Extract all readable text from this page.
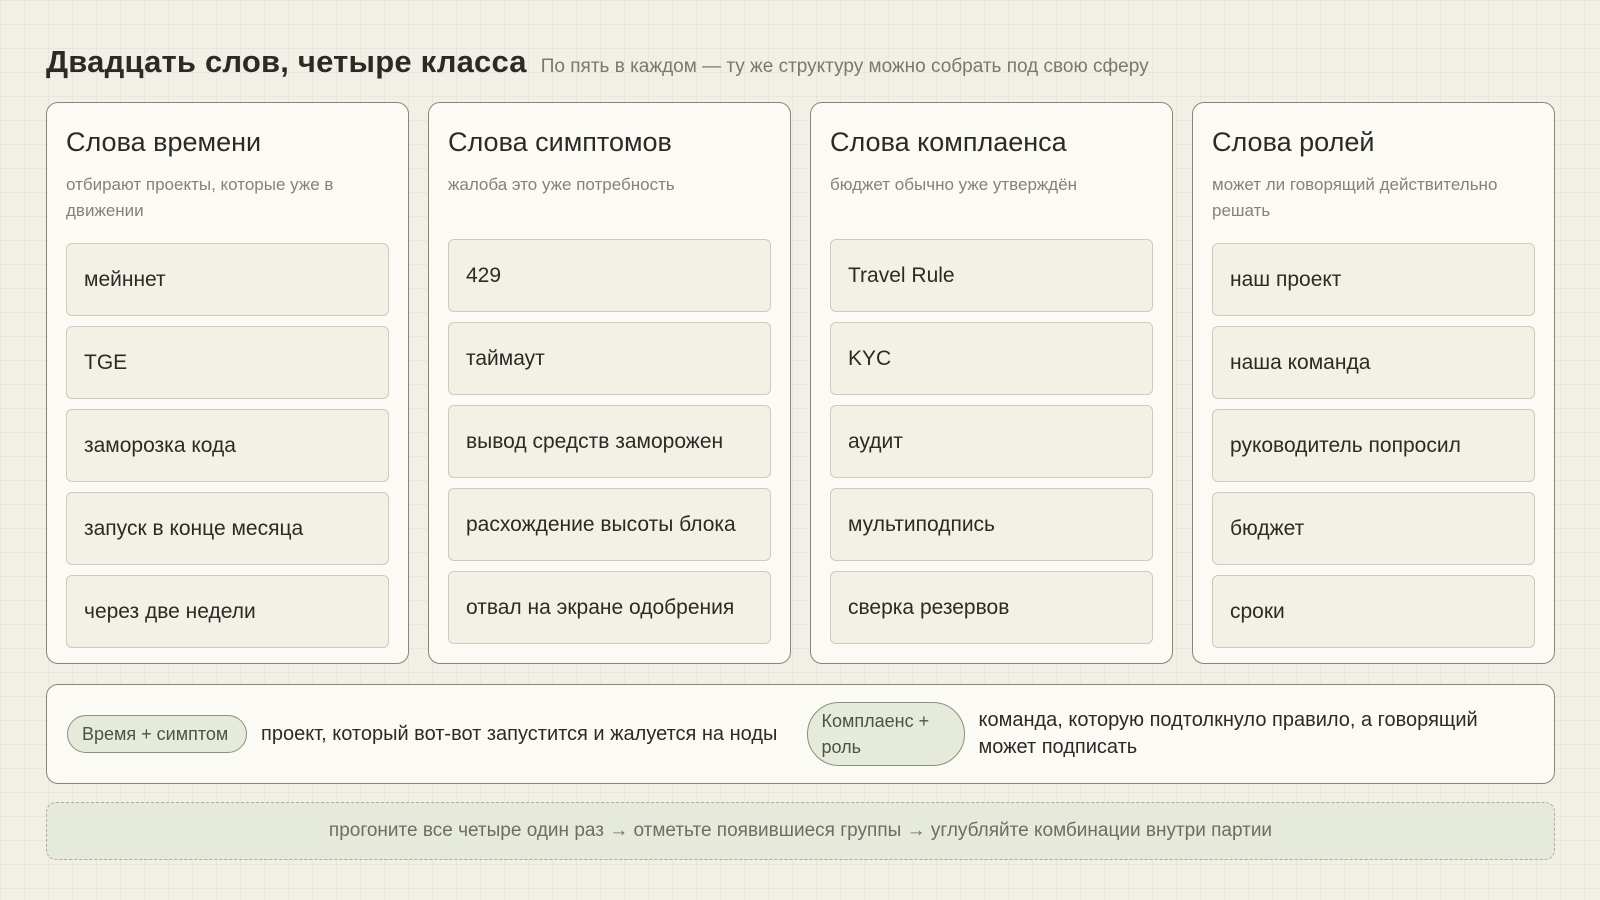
Двадцать слов, четыре класса По пять в каждом — ту же структуру можно собрать под свою сферу
Слова времени
отбирают проекты, которые уже в движении
мейннет
TGE
заморозка кода
запуск в конце месяца
через две недели
Слова симптомов
жалоба это уже потребность
429
таймаут
вывод средств заморожен
расхождение высоты блока
отвал на экране одобрения
Слова комплаенса
бюджет обычно уже утверждён
Travel Rule
KYC
аудит
мультиподпись
сверка резервов
Слова ролей
может ли говорящий действительно решать
наш проект
наша команда
руководитель попросил
бюджет
сроки
Время + симптом	проект, который вот-вот запустится и жалуется на ноды
Комплаенс + роль
команда, которую подтолкнуло правило, а говорящий может подписать
прогоните все четыре один раз → отметьте появившиеся группы → углубляйте комбинации внутри партии
